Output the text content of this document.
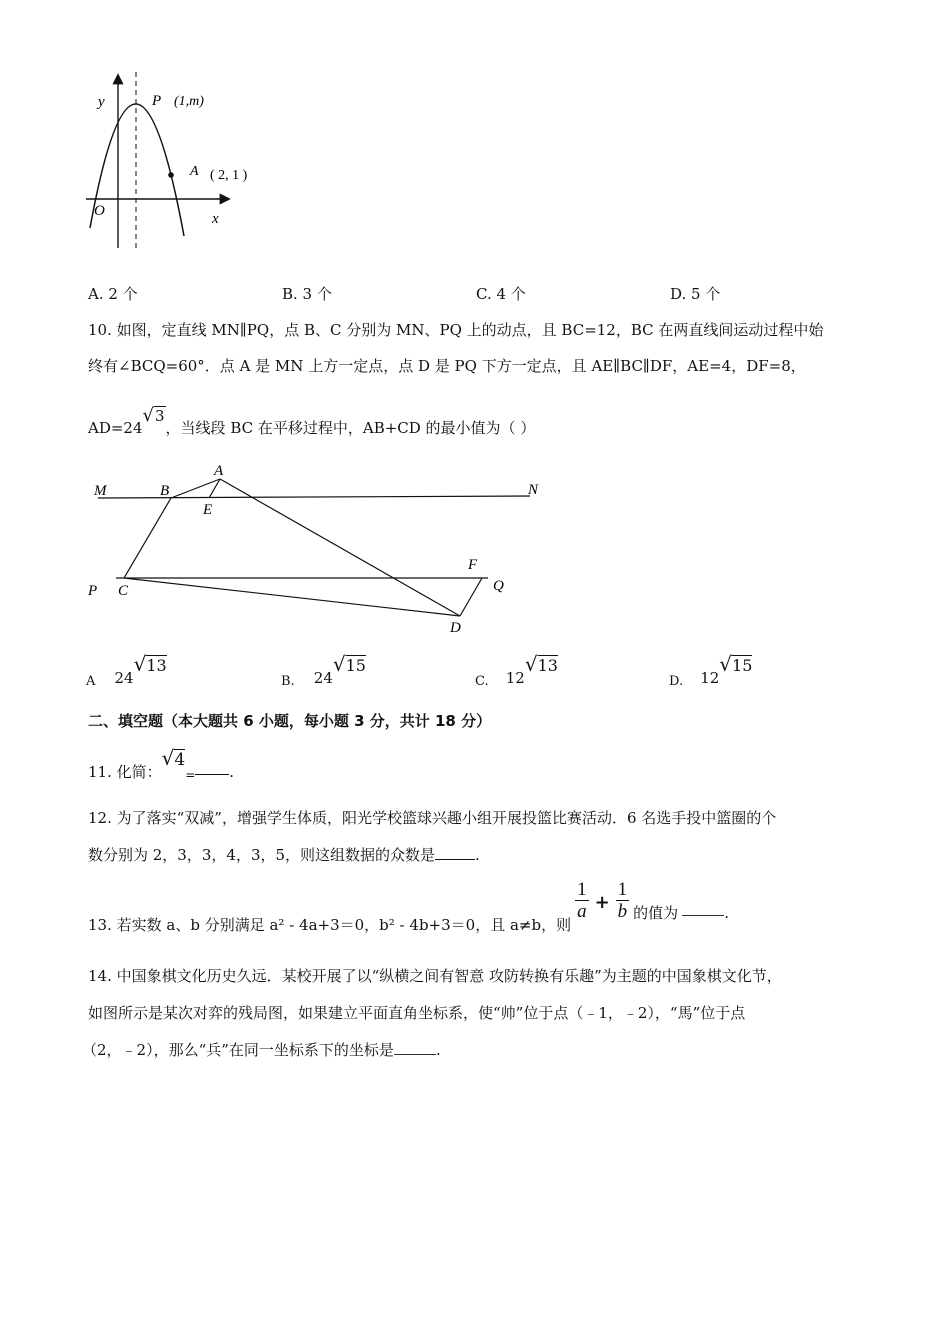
y
x
O
P (1,m)
A ( 2, 1 )
A. 2 个	B. 3 个	C. 4 个	D. 5 个
10. 如图，定直线 MN∥PQ，点 B、C 分别为 MN、PQ 上的动点，且 BC=12，BC 在两直线间运动过程中始
终有∠BCQ=60°．点 A 是 MN 上方一定点，点 D 是 PQ 下方一定点，且 AE∥BC∥DF，AE=4，DF=8，
AD=24√3，当线段 BC 在平移过程中，AB+CD 的最小值为（ ）
M	B
A
E
N
F
P C	Q
D
$_A$ 24√13
$_{B.}$ 24√15
$_{C.}$ 12√13
$_{D.}$ 12√15
二、填空题（本大题共 6 小题，每小题 3 分，共计 18 分）
11. 化简：$√4_=$ .
12. 为了落实“双减”，增强学生体质，阳光学校篮球兴趣小组开展投篮比赛活动．6 名选手投中篮圈的个
数分别为 2，3，3，4，3，5，则这组数据的众数是	.
13. 若实数 a、b 分别满足 a² - 4a+3＝0，b² - 4b+3＝0，且 a≠b，则
$\frac{1}{a} + \frac{1}{b}$ 的值为	.
14. 中国象棋文化历史久远．某校开展了以“纵横之间有智意 攻防转换有乐趣”为主题的中国象棋文化节，
如图所示是某次对弈的残局图，如果建立平面直角坐标系，使“帅”位于点（﹣1，﹣2），“馬”位于点
（2，﹣2），那么“兵”在同一坐标系下的坐标是	.
